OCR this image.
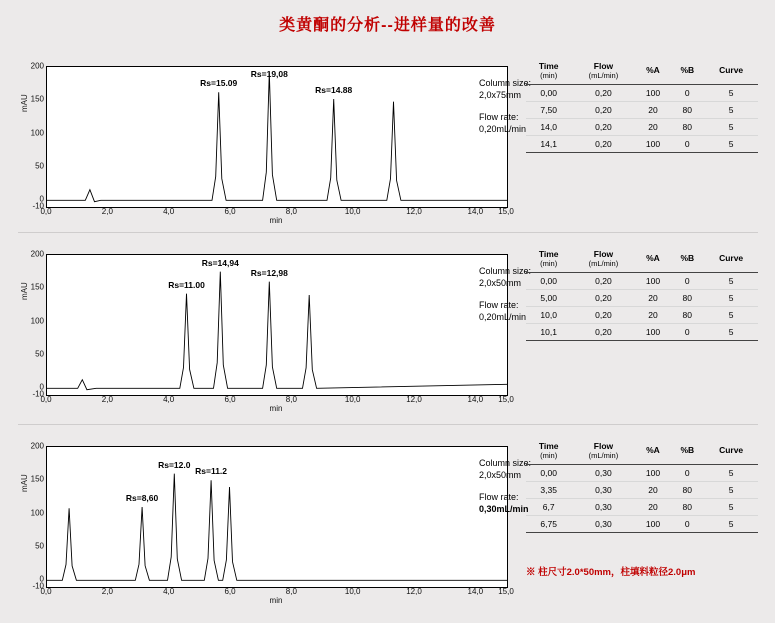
类黄酮的分析--进样量的改善
mAU
200
150
100
50
0
-10
Rs=15.09
Rs=19,08
Rs=14.88
Column size:
2,0x75mm
Flow rate:
0,20mL/min
0,0	2,0	4,0	6,0	8,0	10,0	12,0	14,0 15,0
min
Time
(min)	Flow
(mL/min)	%A	%B	Curve
0,00	0,20	100	0	5
7,50	0,20	20	80	5
14,0	0,20	20	80	5
14,1	0,20	100	0	5
mAU
200
150
100
50
0
-10
Rs=11.00
Rs=14,94
Rs=12,98	Column size:
2,0x50mm
Flow rate:
0,20mL/min
0,0	2,0	4,0	6,0	8,0	10,0	12,0	14,0 15,0
min
Time
(min)	Flow
(mL/min)	%A	%B	Curve
0,00	0,20	100	0	5
5,00	0,20	20	80	5
10,0	0,20	20	80	5
10,1	0,20	100	0	5
mAU
200
150
100
50
0
-10
Rs=8,60
Rs=12.0
Rs=11.2
Column size:
2,0x50mm
Flow rate:
0,30mL/min
0,0	2,0	4,0	6,0	8,0	10,0	12,0	14,0 15,0
min
Time
(min)	Flow
(mL/min)	%A	%B	Curve
0,00	0,30	100	0	5
3,35	0,30	20	80	5
6,7	0,30	20	80	5
6,75	0,30	100	0	5
※ 柱尺寸2.0*50mm，柱填料粒径2.0μm
